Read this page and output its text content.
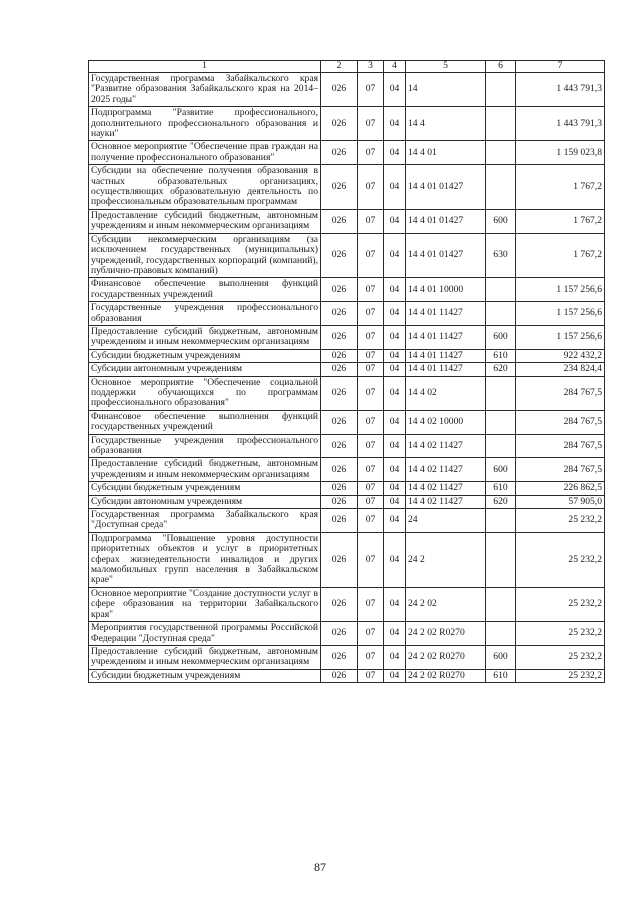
1	2	3	4	5	6	7
Государственная программа Забайкальского края "Развитие образования Забайкальского края на 2014–2025 годы"	026	07	04	14		1 443 791,3
Подпрограмма "Развитие профессионального, дополнительного профессионального образования и науки"	026	07	04	14 4		1 443 791,3
Основное мероприятие "Обеспечение прав граждан на получение профессионального образования"	026	07	04	14 4 01		1 159 023,8
Субсидии на обеспечение получения образования в частных образовательных организациях, осуществляющих образовательную деятельность по профессиональным образовательным программам	026	07	04	14 4 01 01427		1 767,2
Предоставление субсидий бюджетным, автономным учреждениям и иным некоммерческим организациям	026	07	04	14 4 01 01427	600	1 767,2
Субсидии некоммерческим организациям (за исключением государственных (муниципальных) учреждений, государственных корпораций (компаний), публично-правовых компаний)	026	07	04	14 4 01 01427	630	1 767,2
Финансовое обеспечение выполнения функций государственных учреждений	026	07	04	14 4 01 10000		1 157 256,6
Государственные учреждения профессионального образования	026	07	04	14 4 01 11427		1 157 256,6
Предоставление субсидий бюджетным, автономным учреждениям и иным некоммерческим организациям	026	07	04	14 4 01 11427	600	1 157 256,6
Субсидии бюджетным учреждениям	026	07	04	14 4 01 11427	610	922 432,2
Субсидии автономным учреждениям	026	07	04	14 4 01 11427	620	234 824,4
Основное мероприятие "Обеспечение социальной поддержки обучающихся по программам профессионального образования"	026	07	04	14 4 02		284 767,5
Финансовое обеспечение выполнения функций государственных учреждений	026	07	04	14 4 02 10000		284 767,5
Государственные учреждения профессионального образования	026	07	04	14 4 02 11427		284 767,5
Предоставление субсидий бюджетным, автономным учреждениям и иным некоммерческим организациям	026	07	04	14 4 02 11427	600	284 767,5
Субсидии бюджетным учреждениям	026	07	04	14 4 02 11427	610	226 862,5
Субсидии автономным учреждениям	026	07	04	14 4 02 11427	620	57 905,0
Государственная программа Забайкальского края "Доступная среда"	026	07	04	24		25 232,2
Подпрограмма "Повышение уровня доступности приоритетных объектов и услуг в приоритетных сферах жизнедеятельности инвалидов и других маломобильных групп населения в Забайкальском крае"	026	07	04	24 2		25 232,2
Основное мероприятие "Создание доступности услуг в сфере образования на территории Забайкальского края"	026	07	04	24 2 02		25 232,2
Мероприятия государственной программы Российской Федерации "Доступная среда"	026	07	04	24 2 02 R0270		25 232,2
Предоставление субсидий бюджетным, автономным учреждениям и иным некоммерческим организациям	026	07	04	24 2 02 R0270	600	25 232,2
Субсидии бюджетным учреждениям	026	07	04	24 2 02 R0270	610	25 232,2
87
